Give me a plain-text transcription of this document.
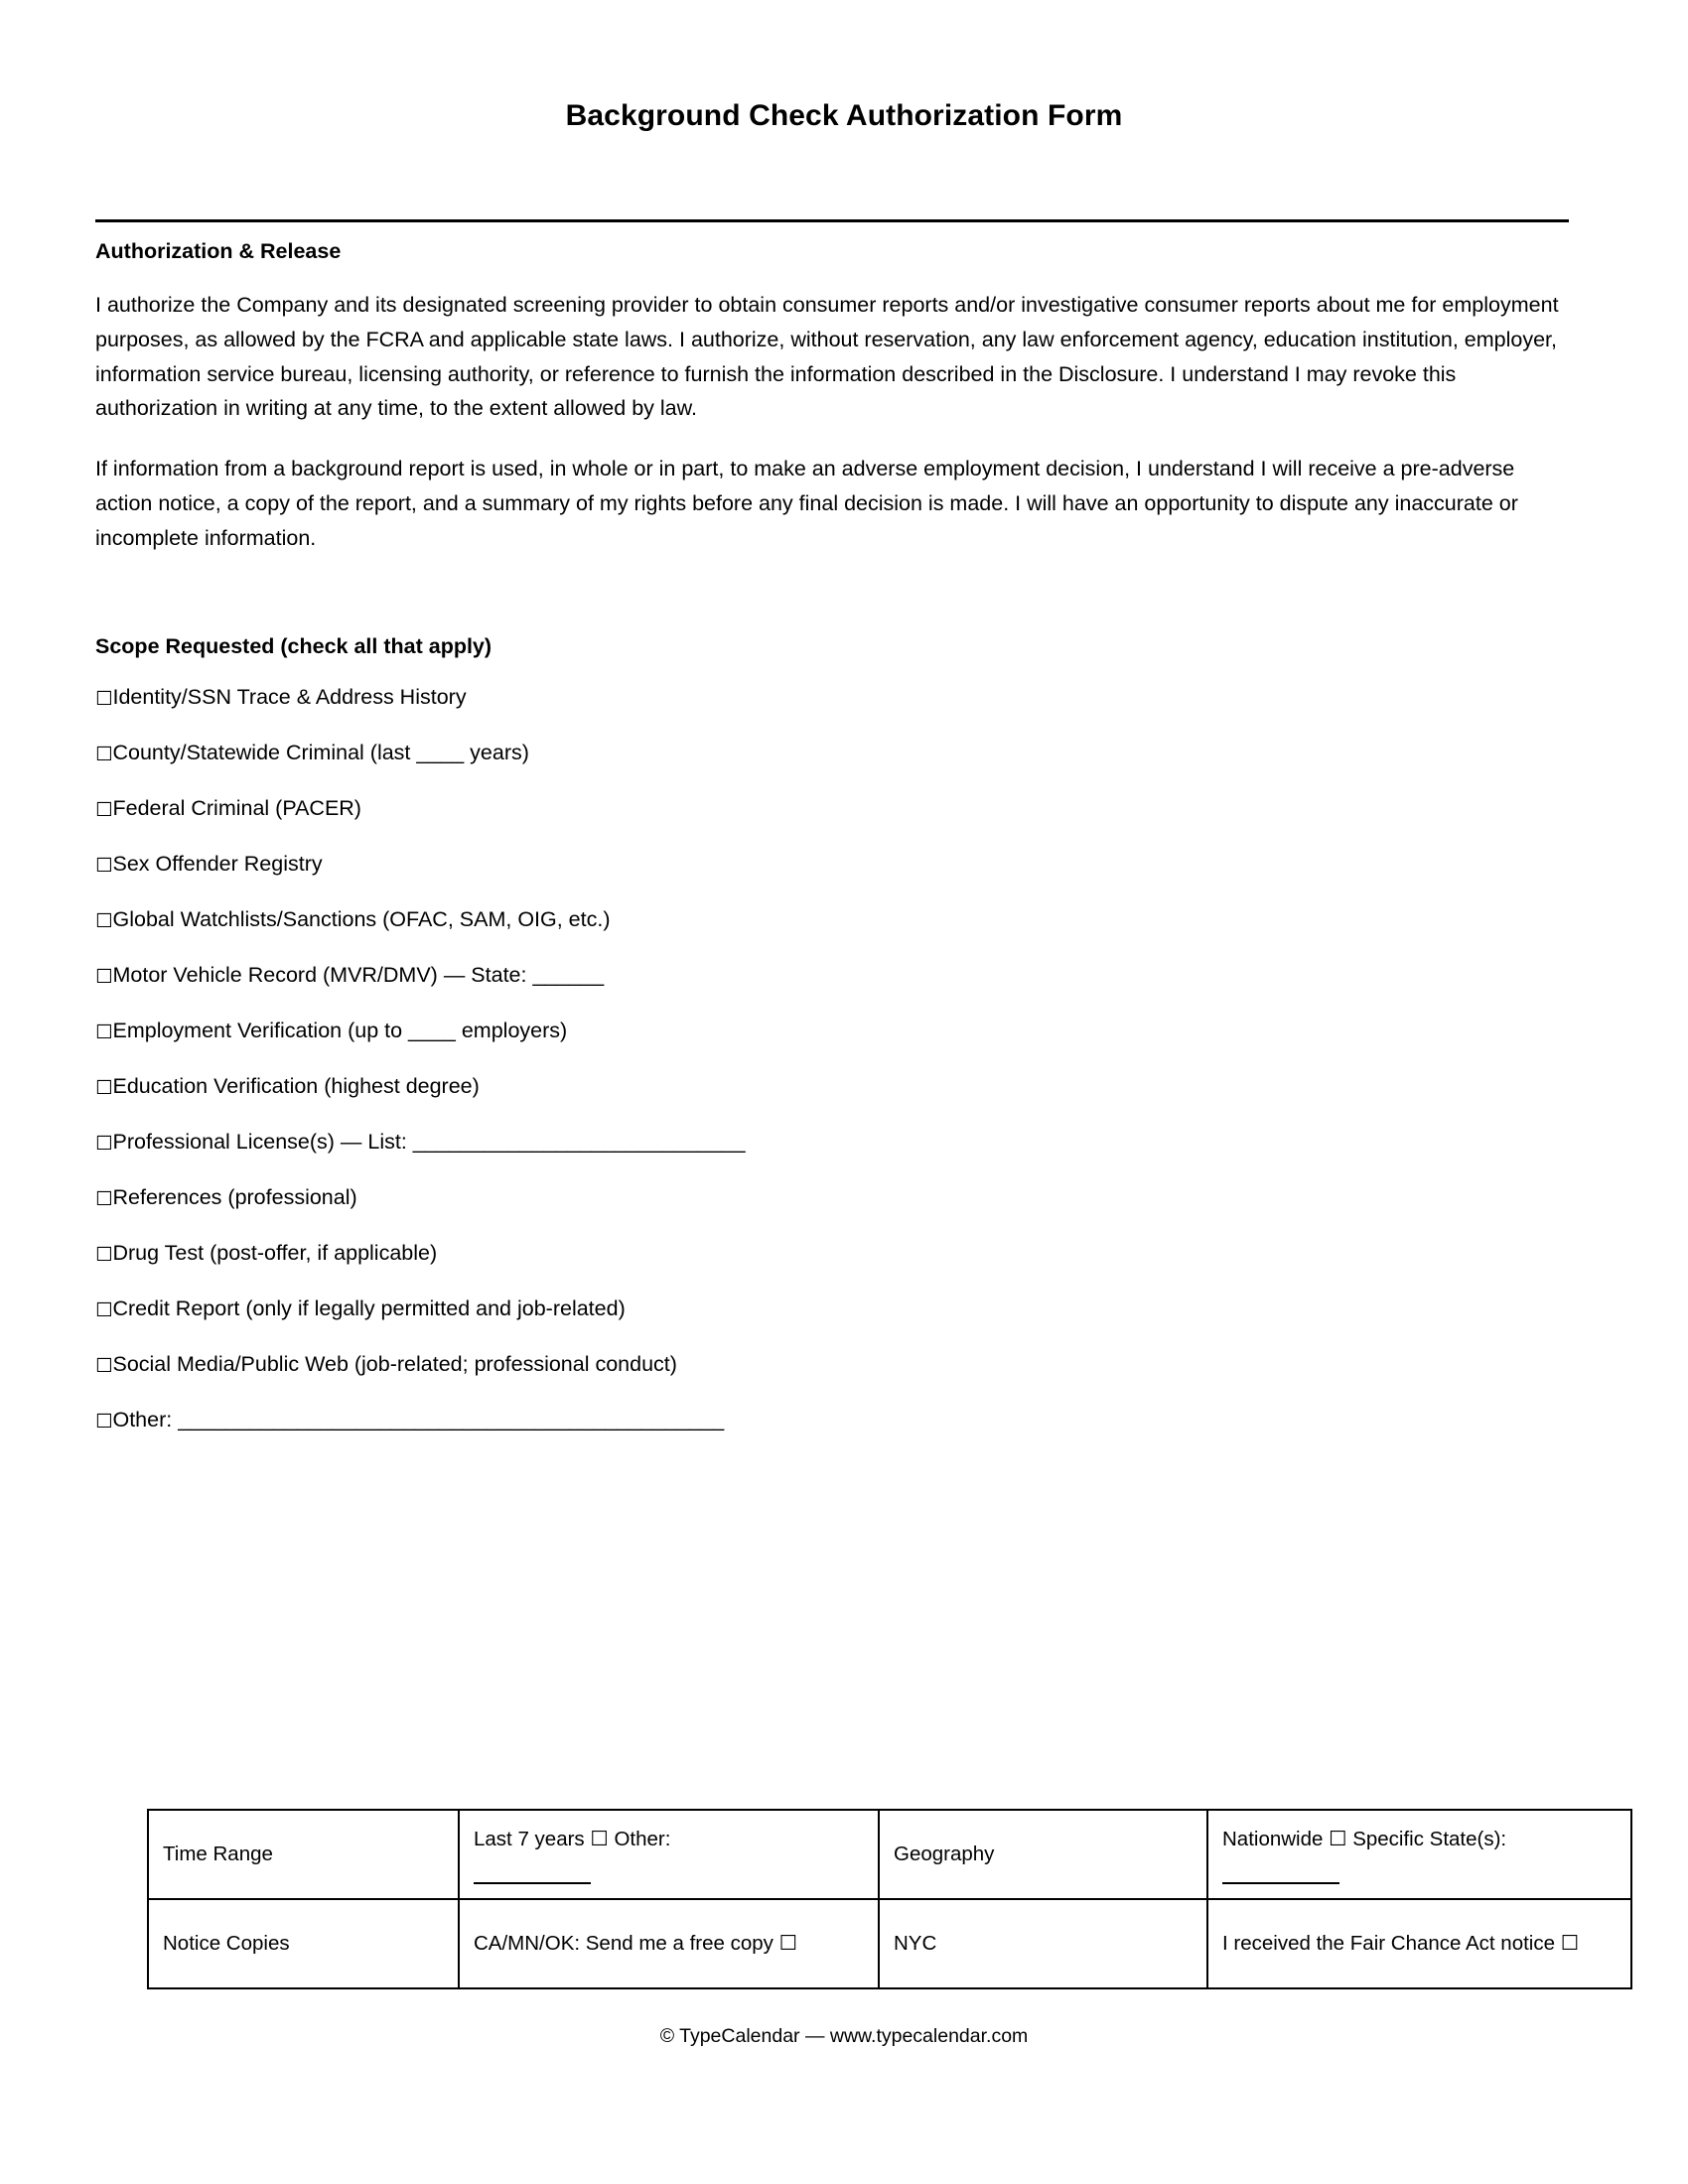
Background Check Authorization Form
Authorization & Release

I authorize the Company and its designated screening provider to obtain consumer reports and/or investigative consumer reports about me for employment purposes, as allowed by the FCRA and applicable state laws. I authorize, without reservation, any law enforcement agency, education institution, employer, information service bureau, licensing authority, or reference to furnish the information described in the Disclosure. I understand I may revoke this authorization in writing at any time, to the extent allowed by law.

If information from a background report is used, in whole or in part, to make an adverse employment decision, I understand I will receive a pre-adverse action notice, a copy of the report, and a summary of my rights before any final decision is made. I will have an opportunity to dispute any inaccurate or incomplete information.

Scope Requested (check all that apply)
☐Identity/SSN Trace & Address History
☐County/Statewide Criminal (last ____ years)
☐Federal Criminal (PACER)
☐Sex Offender Registry
☐Global Watchlists/Sanctions (OFAC, SAM, OIG, etc.)
☐Motor Vehicle Record (MVR/DMV) — State: ______
☐Employment Verification (up to ____ employers)
☐Education Verification (highest degree)
☐Professional License(s) — List: ____________________________
☐References (professional)
☐Drug Test (post-offer, if applicable)
☐Credit Report (only if legally permitted and job-related)
☐Social Media/Public Web (job-related; professional conduct)
☐Other: ______________________________________________
Time Range	Last 7 years ☐ Other:	Geography	Nationwide ☐ Specific State(s):

Notice Copies	CA/MN/OK: Send me a free copy ☐	NYC	I received the Fair Chance Act notice ☐
© TypeCalendar — www.typecalendar.com
